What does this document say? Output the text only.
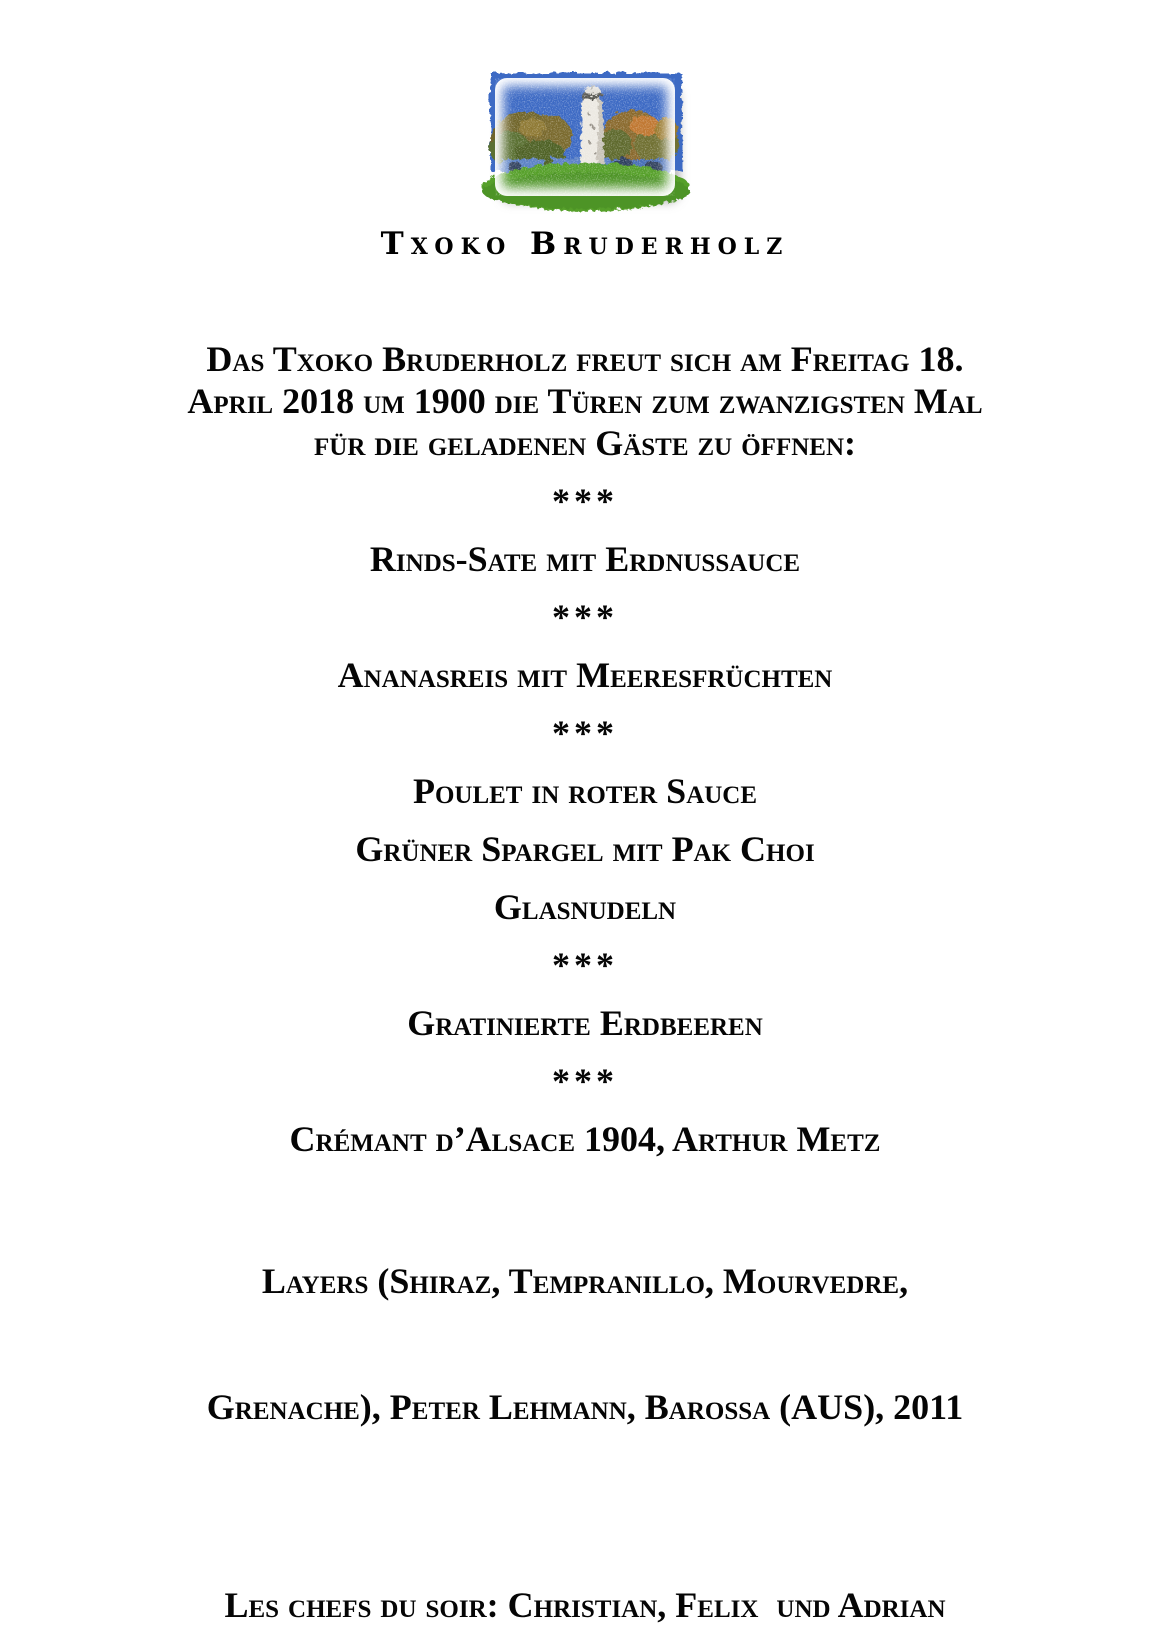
Txoko Bruderholz
Das Txoko Bruderholz freut sich am Freitag 18.
April 2018 um 1900 die Türen zum zwanzigsten Mal
für die geladenen Gäste zu öffnen:
***
Rinds-Sate mit Erdnussauce
***
Ananasreis mit Meeresfrüchten
***
Poulet in roter Sauce
Grüner Spargel mit Pak Choi
Glasnudeln
***
Gratinierte Erdbeeren
***
Crémant d’Alsace 1904, Arthur Metz

Layers (Shiraz, Tempranillo, Mourvedre,

Grenache), Peter Lehmann, Barossa (AUS), 2011

Les chefs du soir: Christian, Felix  und Adrian
